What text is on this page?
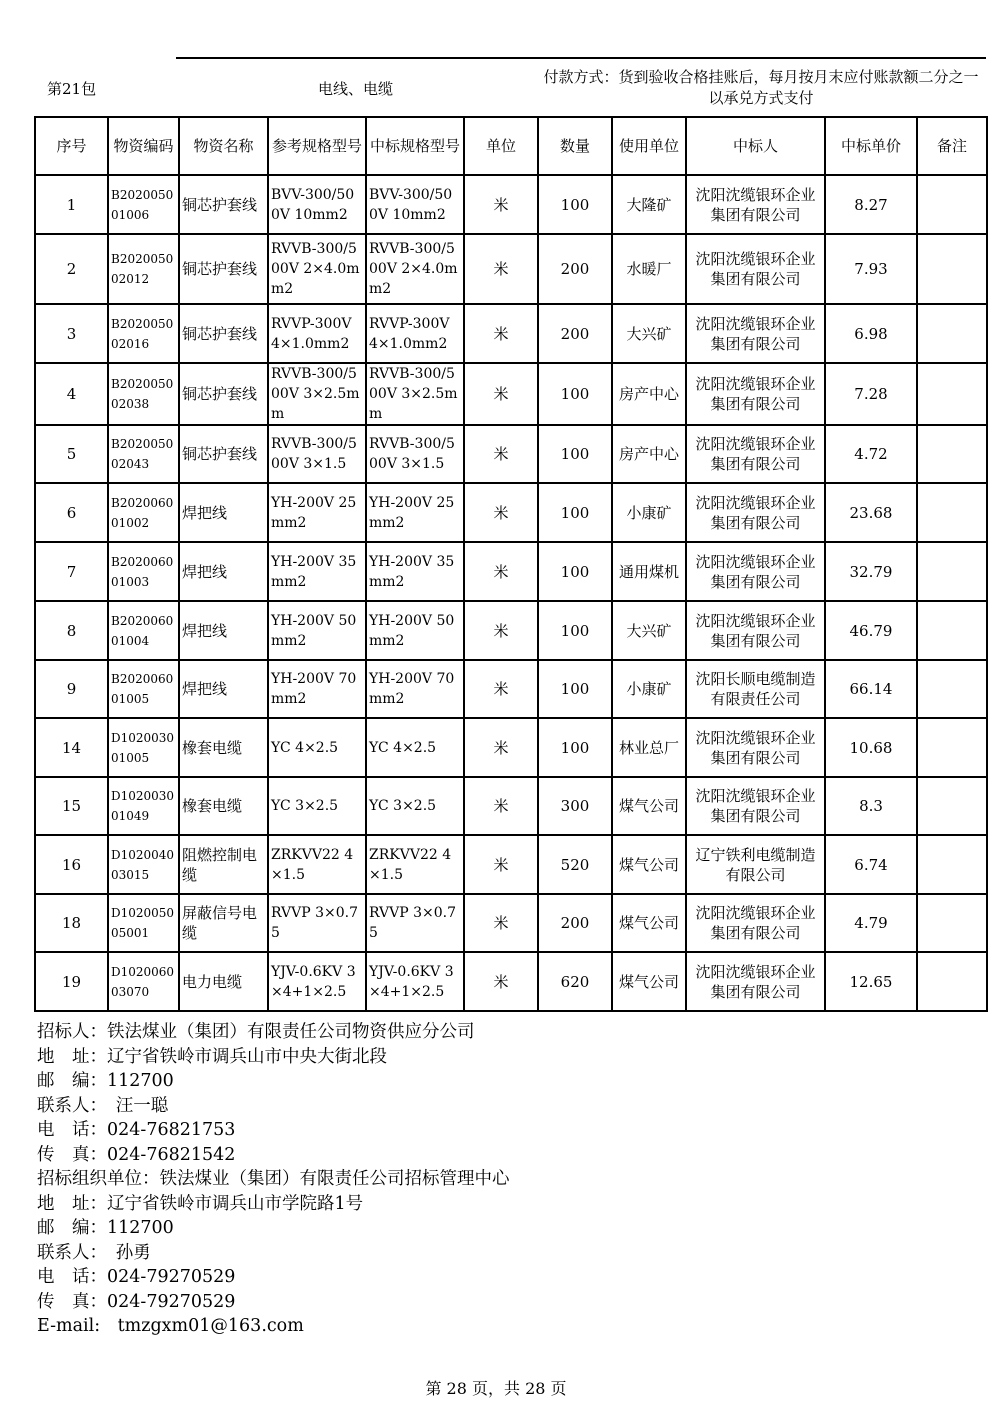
第21包	电线、电缆
付款方式：货到验收合格挂账后，每月按月末应付账款额二分之一以承兑方式支付
序号	物资编码	物资名称	参考规格型号	中标规格型号	单位	数量	使用单位	中标人	中标单价	备注
1	B202005001006	铜芯护套线	BVV-300/500V 10mm2	BVV-300/500V 10mm2	米	100	大隆矿	沈阳沈缆银环企业集团有限公司	8.27	
2	B202005002012	铜芯护套线	RVVB-300/500V 2×4.0mm2	RVVB-300/500V 2×4.0mm2	米	200	水暖厂	沈阳沈缆银环企业集团有限公司	7.93	
3	B202005002016	铜芯护套线	RVVP-300V 4×1.0mm2	RVVP-300V 4×1.0mm2	米	200	大兴矿	沈阳沈缆银环企业集团有限公司	6.98	
4	B202005002038	铜芯护套线	RVVB-300/500V 3×2.5mm	RVVB-300/500V 3×2.5mm	米	100	房产中心	沈阳沈缆银环企业集团有限公司	7.28	
5	B202005002043	铜芯护套线	RVVB-300/500V 3×1.5	RVVB-300/500V 3×1.5	米	100	房产中心	沈阳沈缆银环企业集团有限公司	4.72	
6	B202006001002	焊把线	YH-200V 25mm2	YH-200V 25mm2	米	100	小康矿	沈阳沈缆银环企业集团有限公司	23.68	
7	B202006001003	焊把线	YH-200V 35mm2	YH-200V 35mm2	米	100	通用煤机	沈阳沈缆银环企业集团有限公司	32.79	
8	B202006001004	焊把线	YH-200V 50mm2	YH-200V 50mm2	米	100	大兴矿	沈阳沈缆银环企业集团有限公司	46.79	
9	B202006001005	焊把线	YH-200V 70mm2	YH-200V 70mm2	米	100	小康矿	沈阳长顺电缆制造有限责任公司	66.14	
14	D102003001005	橡套电缆	YC 4×2.5	YC 4×2.5	米	100	林业总厂	沈阳沈缆银环企业集团有限公司	10.68	
15	D102003001049	橡套电缆	YC 3×2.5	YC 3×2.5	米	300	煤气公司	沈阳沈缆银环企业集团有限公司	8.3	
16	D102004003015	阻燃控制电缆	ZRKVV22 4×1.5	ZRKVV22 4×1.5	米	520	煤气公司	辽宁铁利电缆制造有限公司	6.74	
18	D102005005001	屏蔽信号电缆	RVVP 3×0.75	RVVP 3×0.75	米	200	煤气公司	沈阳沈缆银环企业集团有限公司	4.79	
19	D102006003070	电力电缆	YJV-0.6KV 3×4+1×2.5	YJV-0.6KV 3×4+1×2.5	米	620	煤气公司	沈阳沈缆银环企业集团有限公司	12.65	
招标人：铁法煤业（集团）有限责任公司物资供应分公司
地　址：辽宁省铁岭市调兵山市中央大街北段
邮　编：112700
联系人：　汪一聪
电　话：024-76821753
传　真：024-76821542
招标组织单位：铁法煤业（集团）有限责任公司招标管理中心
地　址：辽宁省铁岭市调兵山市学院路1号
邮　编：112700
联系人：　孙勇
电　话：024-79270529
传　真：024-79270529
E-mail:　tmzgxm01@163.com
第 28 页，共 28 页
